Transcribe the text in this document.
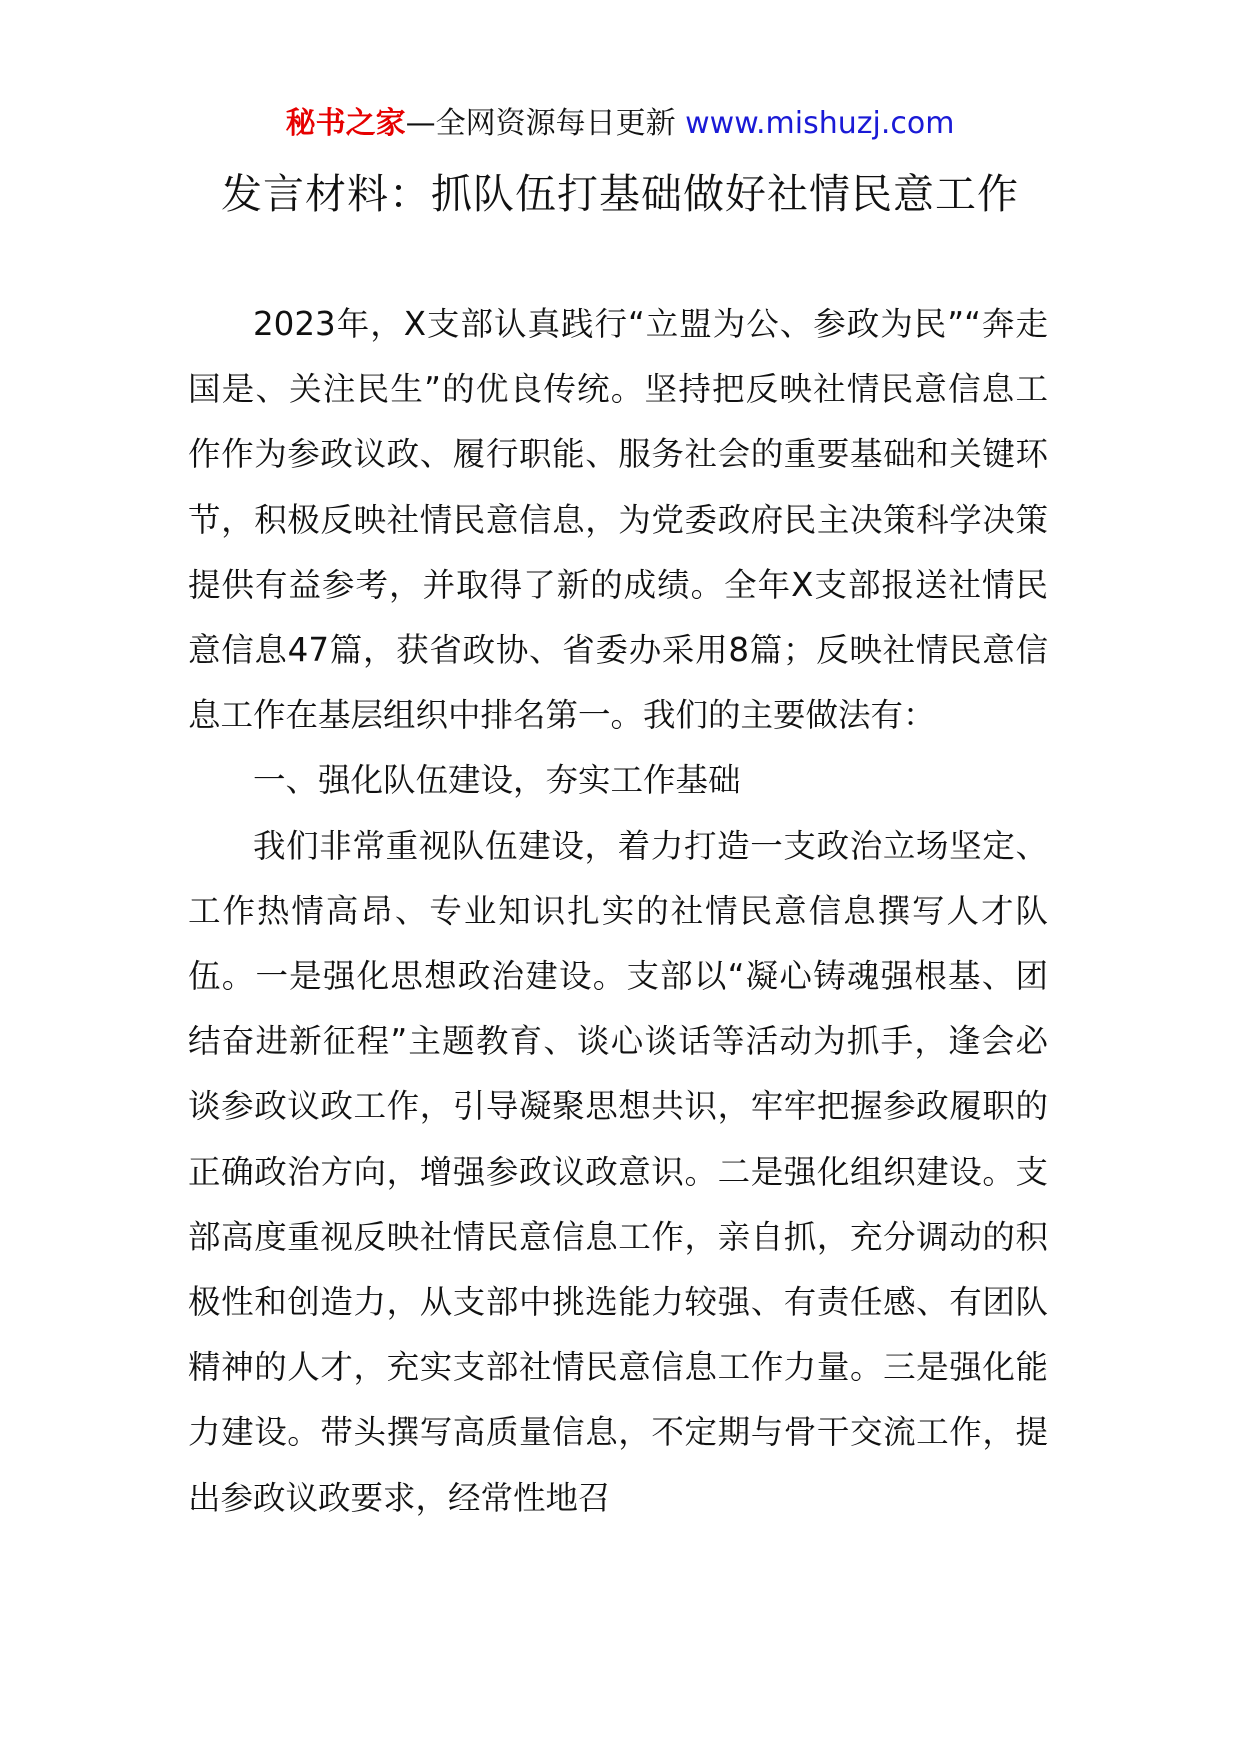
秘书之家—全网资源每日更新 www.mishuzj.com
发言材料：抓队伍打基础做好社情民意工作

2023年，X支部认真践行“立盟为公、参政为民”“奔走国是、关注民生”的优良传统。坚持把反映社情民意信息工作作为参政议政、履行职能、服务社会的重要基础和关键环节，积极反映社情民意信息，为党委政府民主决策科学决策提供有益参考，并取得了新的成绩。全年X支部报送社情民意信息47篇，获省政协、省委办采用8篇；反映社情民意信息工作在基层组织中排名第一。我们的主要做法有：

一、强化队伍建设，夯实工作基础

我们非常重视队伍建设，着力打造一支政治立场坚定、工作热情高昂、专业知识扎实的社情民意信息撰写人才队伍。一是强化思想政治建设。支部以“凝心铸魂强根基、团结奋进新征程”主题教育、谈心谈话等活动为抓手，逢会必谈参政议政工作，引导凝聚思想共识，牢牢把握参政履职的正确政治方向，增强参政议政意识。二是强化组织建设。支部高度重视反映社情民意信息工作，亲自抓，充分调动的积极性和创造力，从支部中挑选能力较强、有责任感、有团队精神的人才，充实支部社情民意信息工作力量。三是强化能力建设。带头撰写高质量信息，不定期与骨干交流工作，提出参政议政要求，经常性地召
